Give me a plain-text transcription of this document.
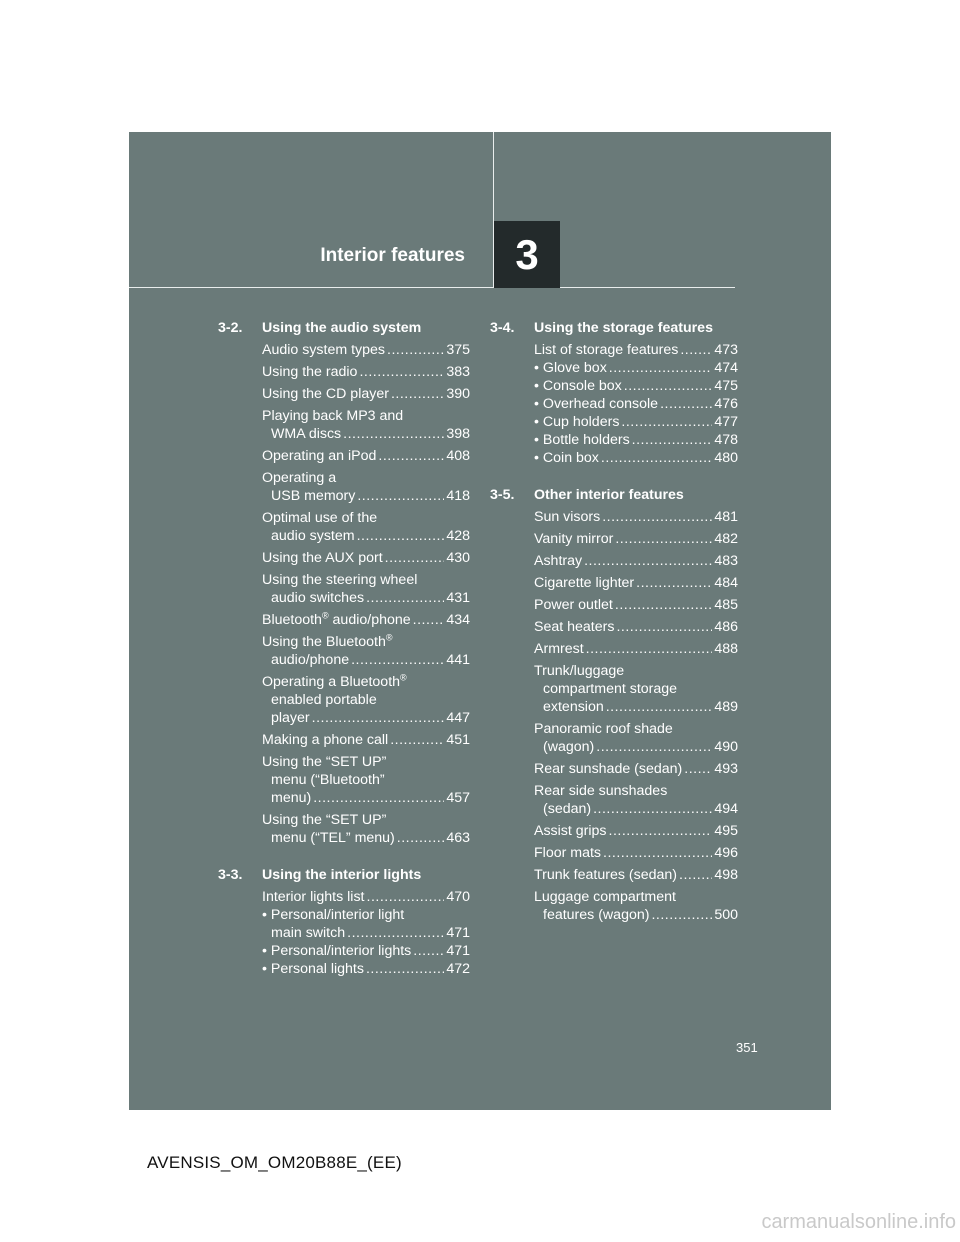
Interior features	3
3-2.	Using the audio system
Audio system types .....	375
Using the radio .....	383
Using the CD player .....	390
Playing back MP3 and
WMA discs .....	398
Operating an iPod .....	408
Operating a
USB memory .....	418
Optimal use of the
audio system .....	428
Using the AUX port .....	430
Using the steering wheel
audio switches .....	431
Bluetooth® audio/phone .....	434
Using the Bluetooth®
audio/phone .....	441
Operating a Bluetooth®
enabled portable
player .....	447
Making a phone call .....	451
Using the “SET UP”
menu (“Bluetooth”
menu) .....	457
Using the “SET UP”
menu (“TEL” menu) .....	463
3-3.	Using the interior lights
Interior lights list .....	470
• Personal/interior light
main switch .....	471
• Personal/interior lights ..... 471
• Personal lights .....	472
3-4.	Using the storage features
List of storage features .....	473
• Glove box .....	474
• Console box .....	475
• Overhead console .....	476
• Cup holders .....	477
• Bottle holders .....	478
• Coin box .....	480
3-5.	Other interior features
Sun visors .....	481
Vanity mirror .....	482
Ashtray .....	483
Cigarette lighter .....	484
Power outlet .....	485
Seat heaters .....	486
Armrest .....	488
Trunk/luggage
compartment storage
extension .....	489
Panoramic roof shade
(wagon) .....	490
Rear sunshade (sedan) ..... 493
Rear side sunshades
(sedan) .....	494
Assist grips .....	495
Floor mats .....	496
Trunk features (sedan) .....	498
Luggage compartment
features (wagon) .....	500
351
AVENSIS_OM_OM20B88E_(EE)
carmanualsonline.info
